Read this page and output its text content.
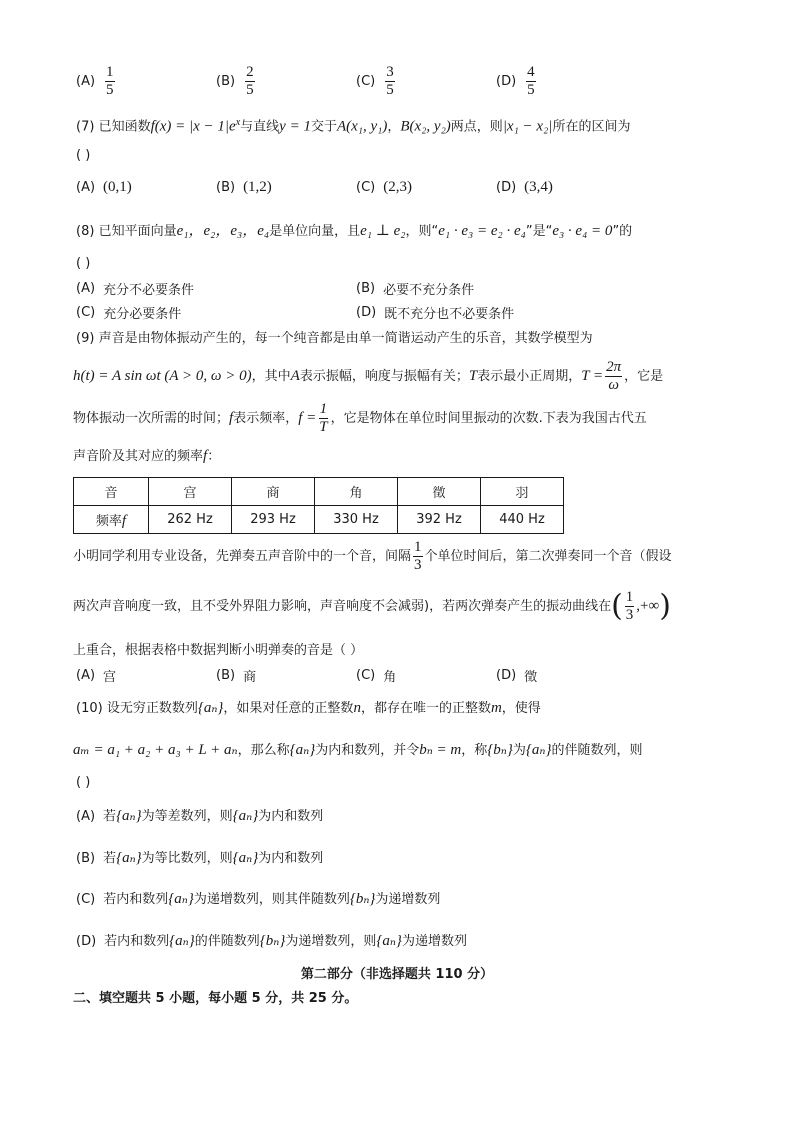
$(A) \frac{1}{5}$	$(B) \frac{2}{5}$	$(C) \frac{3}{5}$	$(D) \frac{4}{5}$
(7) 已知函数$f(x) = |x - 1|e^x$与直线y = 1交于A(x₁, y₁)，B(x₂, y₂)两点，则|x₁ − x₂|所在的区间为
( )
(A) (0,1)	(B) (1,2)	(C) (2,3)	(D) (3,4)
(8) 已知平面向量e₁，e₂，e₃，e₄是单位向量，且e₁ ⊥ e₂，则“e₁ · e₃ = e₂ · e₄”是“e₃ · e₄ = 0”的
( )
(A) 充分不必要条件	(B) 必要不充分条件
(C) 充分必要条件	(D) 既不充分也不必要条件
(9) 声音是由物体振动产生的，每一个纯音都是由单一简谐运动产生的乐音，其数学模型为
h(t) = A sin ωt (A > 0, ω > 0)，其中A表示振幅，响度与振幅有关；T表示最小正周期，$T = \frac{2\pi}{\omega}$ ，它是
物体振动一次所需的时间；f表示频率，$f = \frac{1}{T}$ ，它是物体在单位时间里振动的次数.下表为我国古代五
声音阶及其对应的频率f：
音	宫	商	角	徵	羽
频率f	262 Hz	293 Hz	330 Hz	392 Hz	440 Hz
小明同学利用专业设备，先弹奏五声音阶中的一个音，间隔 $\frac{1}{3}$ 个单位时间后，第二次弹奏同一个音（假设
两次声音响度一致，且不受外界阻力影响，声音响度不会减弱)，若两次弹奏产生的振动曲线在( $\frac{1}{3}$ ,+∞)
上重合，根据表格中数据判断小明弹奏的音是（ ）
(A) 宫	(B) 商	(C) 角	(D) 徵
(10) 设无穷正数数列{aₙ}，如果对任意的正整数n，都存在唯一的正整数m，使得
aₘ = a₁ + a₂ + a₃ + L + aₙ，那么称{aₙ}为内和数列，并令bₙ = m，称{bₙ}为{aₙ}的伴随数列，则
( )
(A) 若{aₙ}为等差数列，则{aₙ}为内和数列
(B) 若{aₙ}为等比数列，则{aₙ}为内和数列
(C) 若内和数列{aₙ}为递增数列，则其伴随数列{bₙ}为递增数列
(D) 若内和数列{aₙ}的伴随数列{bₙ}为递增数列，则{aₙ}为递增数列
第二部分（非选择题共 110 分）
二、填空题共 5 小题，每小题 5 分，共 25 分。
